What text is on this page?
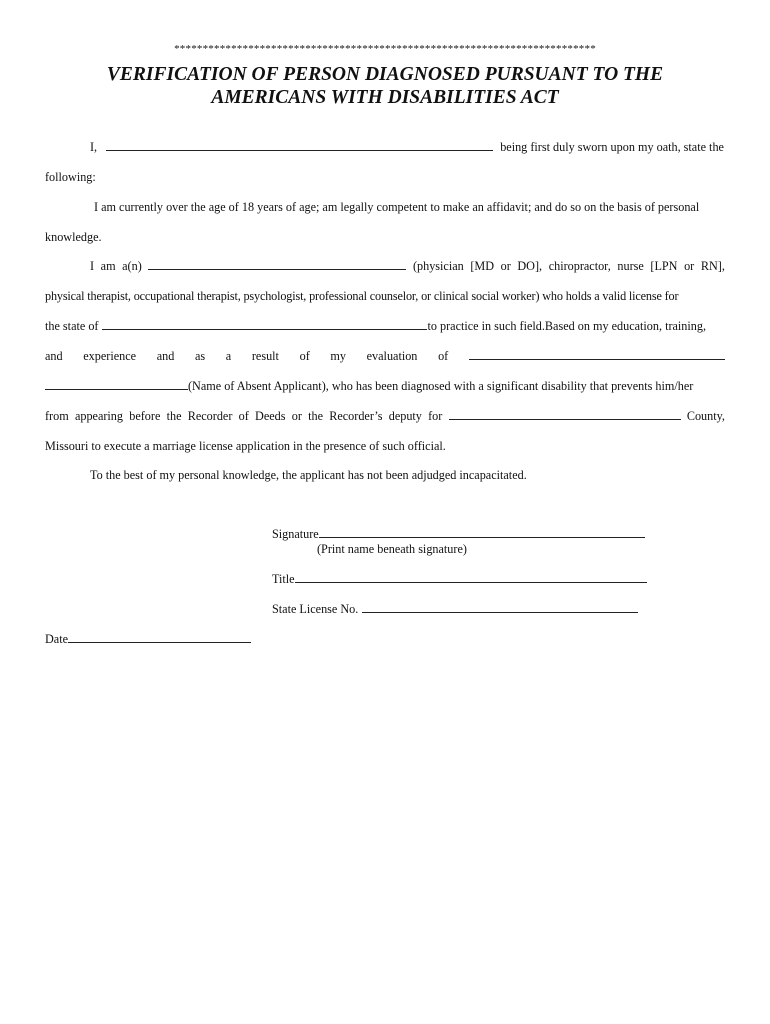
**************************************************************************
VERIFICATION OF PERSON DIAGNOSED PURSUANT TO THE
AMERICANS WITH DISABILITIES ACT
I,	being first duly sworn upon my oath, state the
following:
I am currently over the age of 18 years of age; am legally competent to make an affidavit; and do so on the basis of personal
knowledge.
I am a(n)	(physician [MD or DO], chiropractor, nurse [LPN or RN],
physical therapist, occupational therapist, psychologist, professional counselor, or clinical social worker) who holds a valid license for
the state of	to practice in such field.Based on my education, training,
and experience and as a result of my evaluation of
(Name of Absent Applicant), who has been diagnosed with a significant disability that prevents him/her
from appearing before the Recorder of Deeds or the Recorder’s deputy for	County,
Missouri to execute a marriage license application in the presence of such official.
To the best of my personal knowledge, the applicant has not been adjudged incapacitated.
Signature
(Print name beneath signature)
Title
State License No.
Date
